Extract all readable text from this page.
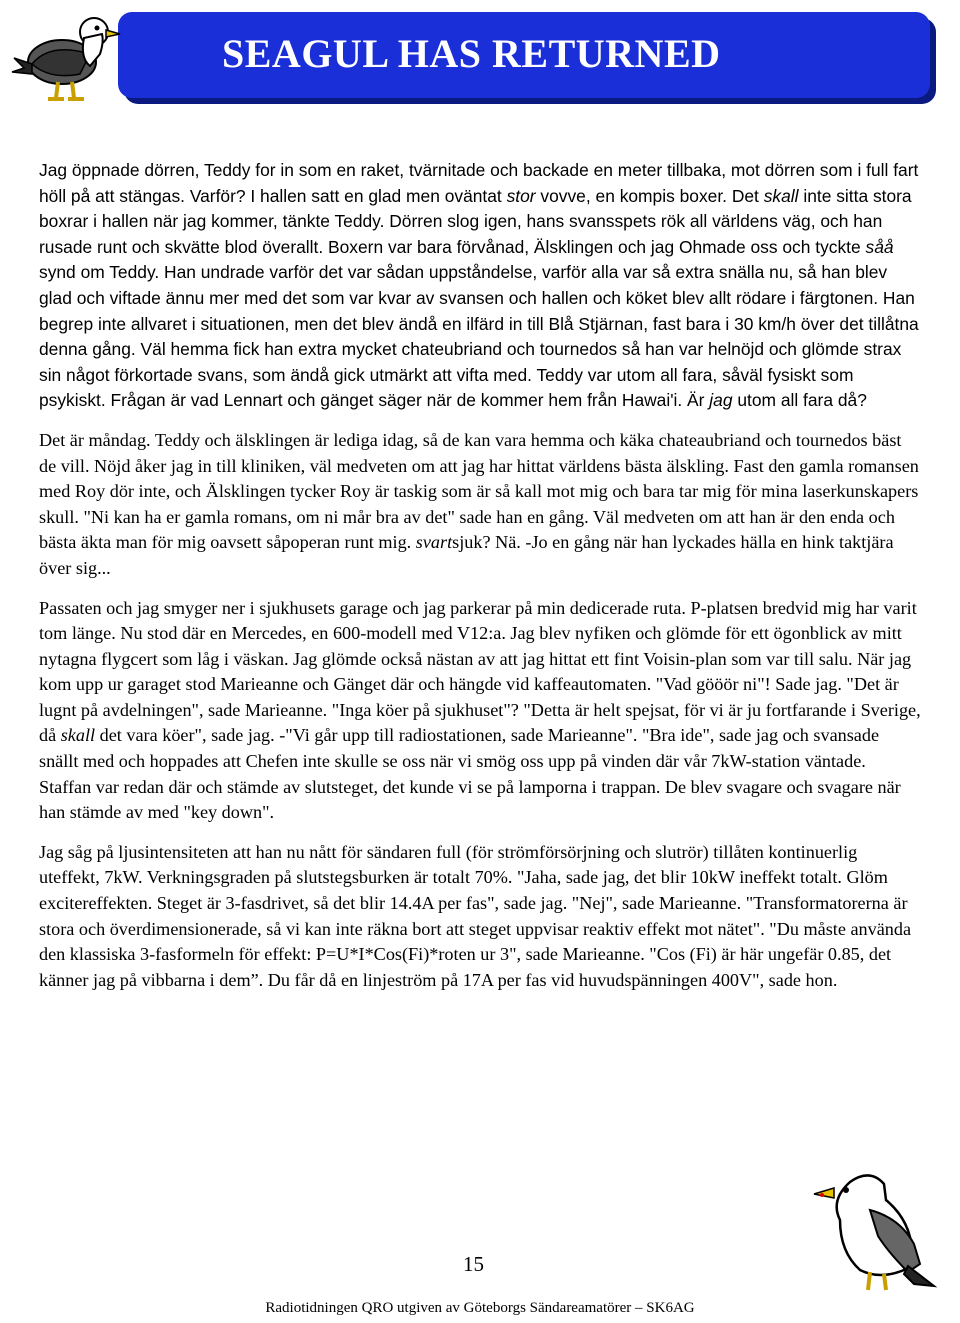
SEAGUL HAS RETURNED

Jag öppnade dörren, Teddy for in som en raket, tvärnitade och backade en meter tillbaka, mot dörren som i full fart höll på att stängas. Varför? I hallen satt en glad men oväntat stor vovve, en kompis boxer. Det skall inte sitta stora boxrar i hallen när jag kommer, tänkte Teddy. Dörren slog igen, hans svansspets rök all världens väg, och han rusade runt och skvätte blod överallt. Boxern var bara förvånad, Älsklingen och jag Ohmade oss och tyckte såå synd om Teddy. Han undrade varför det var sådan uppståndelse, varför alla var så extra snälla nu, så han blev glad och viftade ännu mer med det som var kvar av svansen och hallen och köket blev allt rödare i färgtonen. Han begrep inte allvaret i situationen, men det blev ändå en ilfärd in till Blå Stjärnan, fast bara i 30 km/h över det tillåtna denna gång. Väl hemma fick han extra mycket chateubriand och tournedos så han var helnöjd och glömde strax sin något förkortade svans, som ändå gick utmärkt att vifta med. Teddy var utom all fara, såväl fysiskt som psykiskt. Frågan är vad Lennart och gänget säger när de kommer hem från Hawai'i. Är jag utom all fara då?

Det är måndag. Teddy och älsklingen är lediga idag, så de kan vara hemma och käka chateaubriand och tournedos bäst de vill. Nöjd åker jag in till kliniken, väl medveten om att jag har hittat världens bästa älskling. Fast den gamla romansen med Roy dör inte, och Älsklingen tycker Roy är taskig som är så kall mot mig och bara tar mig för mina laserkunskapers skull. "Ni kan ha er gamla romans, om ni mår bra av det" sade han en gång. Väl medveten om att han är den enda och bästa äkta man för mig oavsett såpoperan runt mig. svartsjuk? Nä. -Jo en gång när han lyckades hälla en hink taktjära över sig...

Passaten och jag smyger ner i sjukhusets garage och jag parkerar på min dedicerade ruta. P-platsen bredvid mig har varit tom länge. Nu stod där en Mercedes, en 600-modell med V12:a. Jag blev nyfiken och glömde för ett ögonblick av mitt nytagna flygcert som låg i väskan. Jag glömde också nästan av att jag hittat ett fint Voisin-plan som var till salu. När jag kom upp ur garaget stod Marieanne och Gänget där och hängde vid kaffeautomaten. "Vad gööör ni"! Sade jag. "Det är lugnt på avdelningen", sade Marieanne. "Inga köer på sjukhuset"? "Detta är helt spejsat, för vi är ju fortfarande i Sverige, då skall det vara köer", sade jag. -"Vi går upp till radiostationen, sade Marieanne". "Bra ide", sade jag och svansade snällt med och hoppades att Chefen inte skulle se oss när vi smög oss upp på vinden där vår 7kW-station väntade. Staffan var redan där och stämde av slutsteget, det kunde vi se på lamporna i trappan. De blev svagare och svagare när han stämde av med "key down".

Jag såg på ljusintensiteten att han nu nått för sändaren full (för strömförsörjning och slutrör) tillåten kontinuerlig uteffekt, 7kW. Verkningsgraden på slutstegsburken är totalt 70%. "Jaha, sade jag, det blir 10kW ineffekt totalt. Glöm excitereffekten. Steget är 3-fasdrivet, så det blir 14.4A per fas", sade jag. "Nej", sade Marieanne. "Transformatorerna är stora och överdimensionerade, så vi kan inte räkna bort att steget uppvisar reaktiv effekt mot nätet". "Du måste använda den klassiska 3-fasformeln för effekt: P=U*I*Cos(Fi)*roten ur 3", sade Marieanne. "Cos (Fi) är här ungefär 0.85, det känner jag på vibbarna i dem”. Du får då en linjeström på 17A per fas vid huvudspänningen 400V", sade hon.

15
Radiotidningen QRO utgiven av Göteborgs Sändareamatörer – SK6AG
